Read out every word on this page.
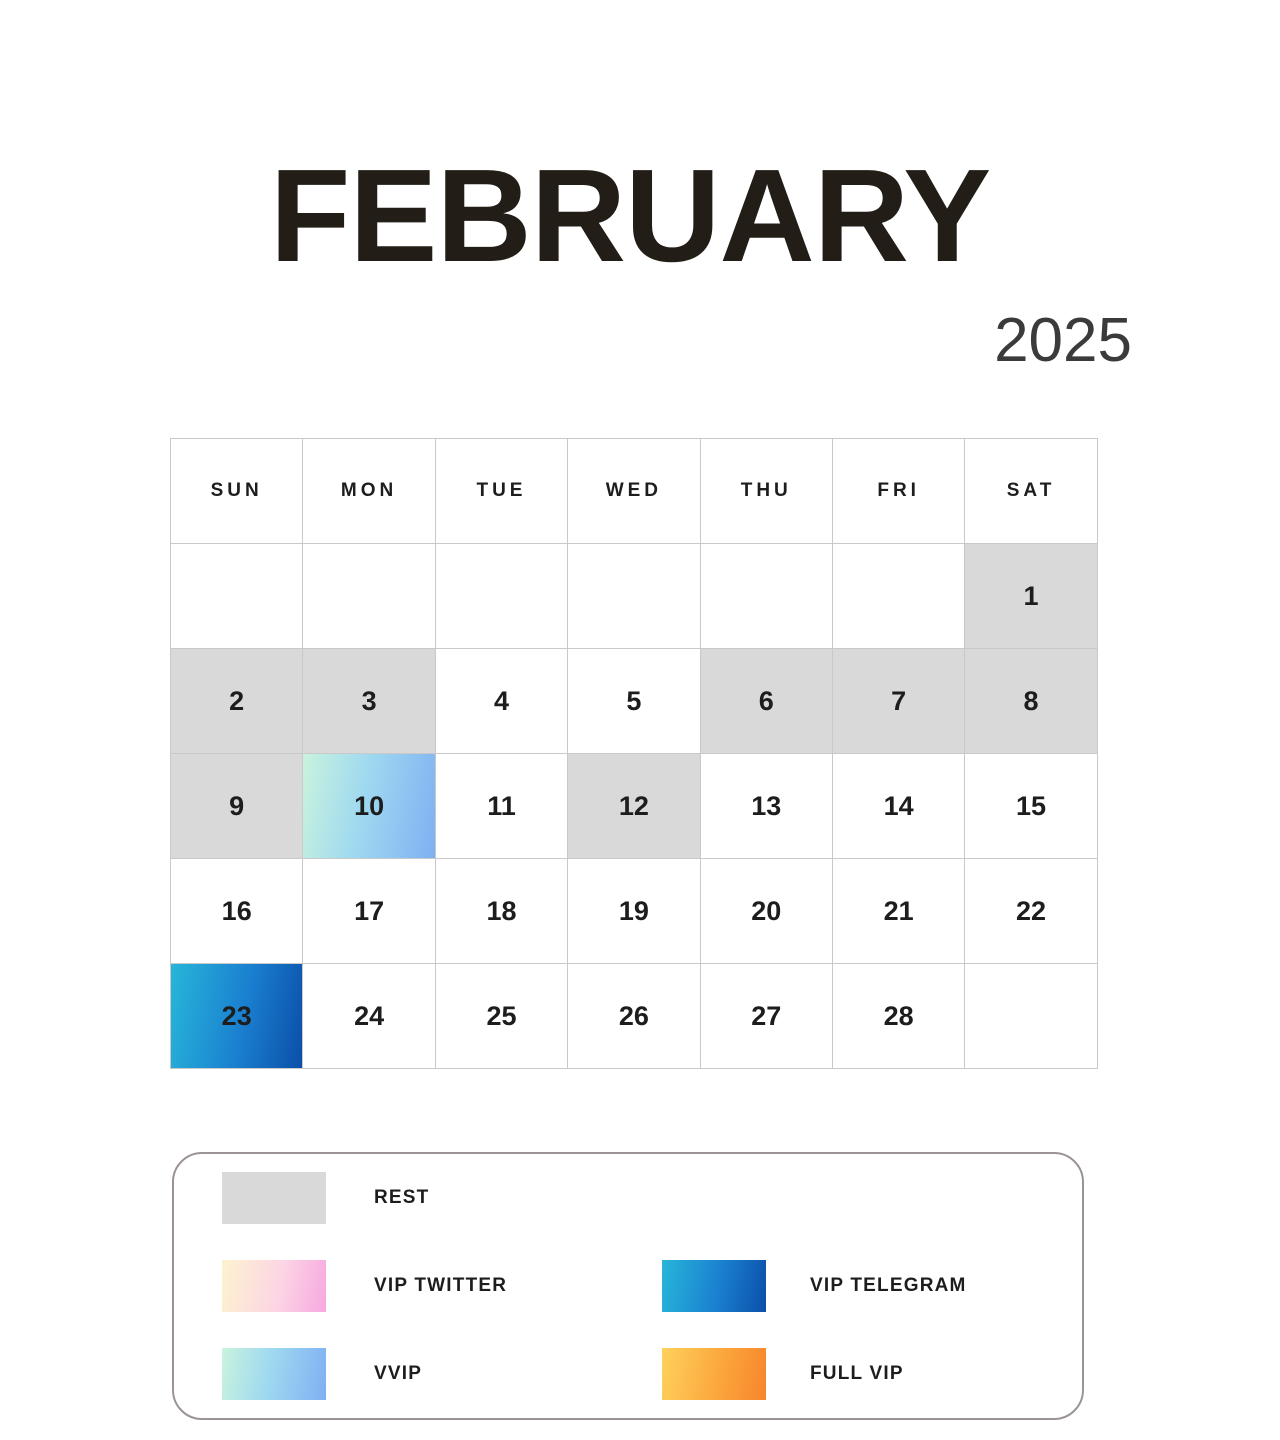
FEBRUARY
2025
SUN	MON	TUE	WED	THU	FRI	SAT

						1

2	3	4	5	6	7	8

9	10	11	12	13	14	15

16	17	18	19	20	21	22

23	24	25	26	27	28	

REST
VIP TWITTER	VIP TELEGRAM
VVIP	FULL VIP
